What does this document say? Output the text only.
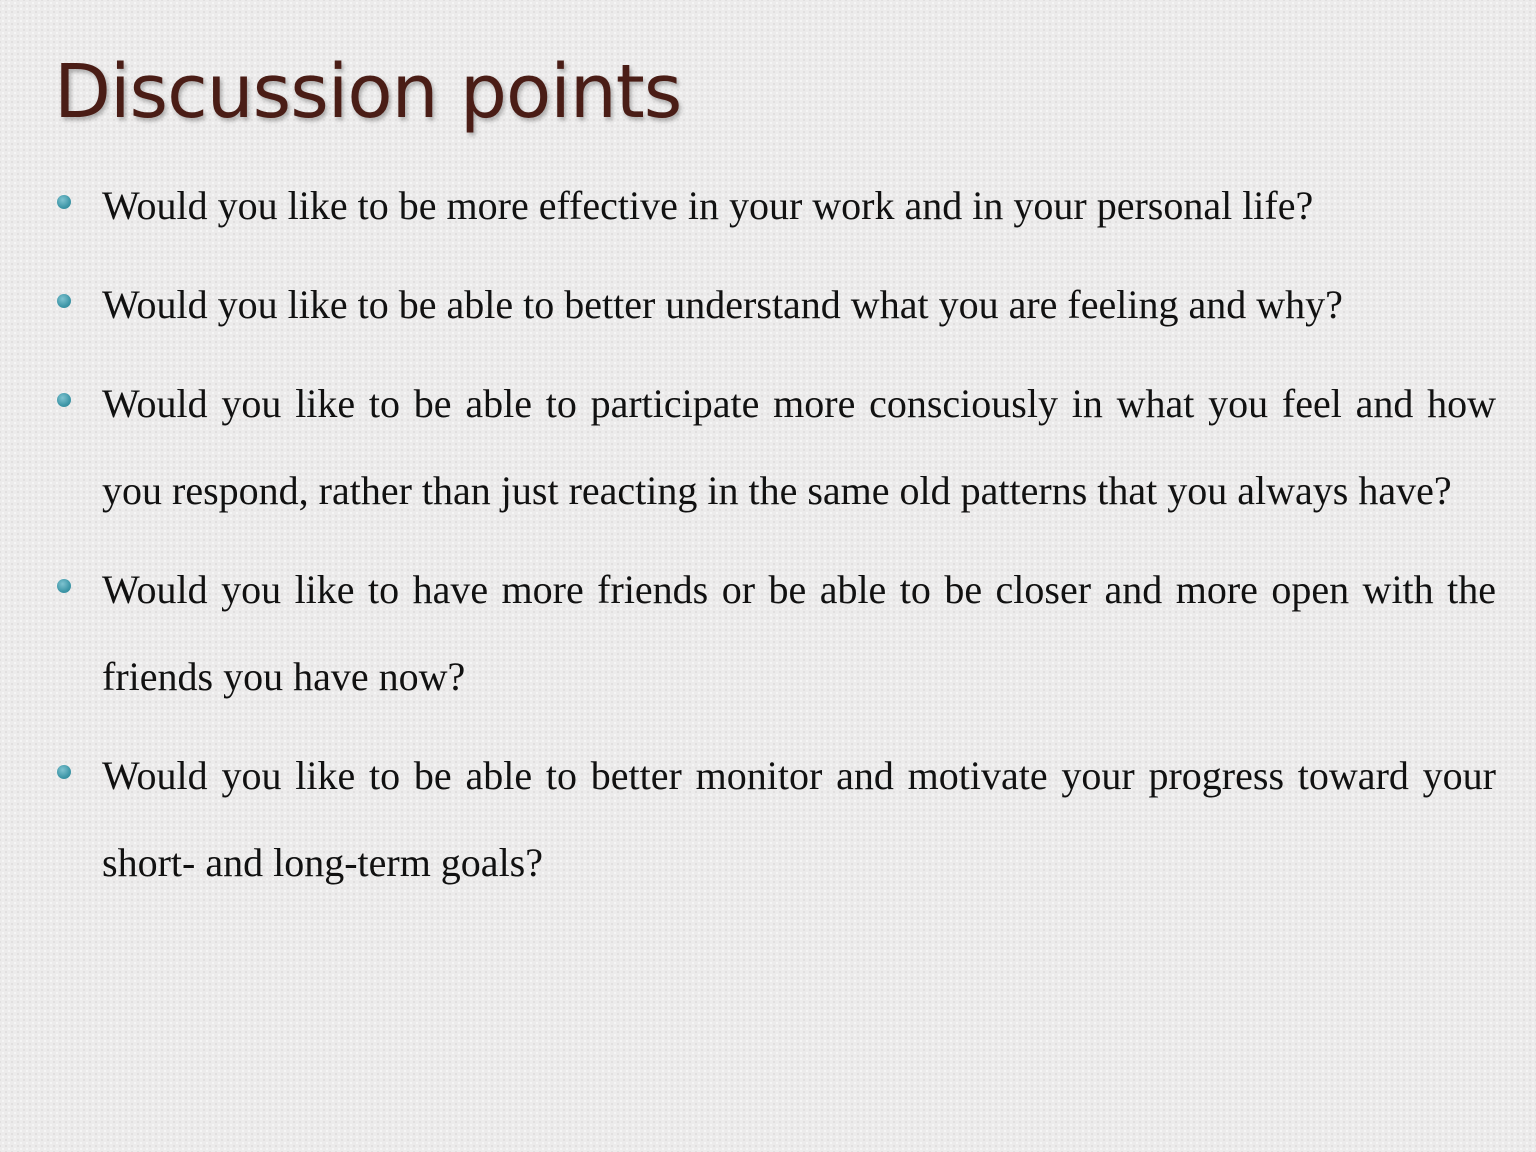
Discussion points
Would you like to be more effective in your work and in your personal life?
Would you like to be able to better understand what you are feeling and why?
Would you like to be able to participate more consciously in what you feel and how you respond, rather than just reacting in the same old patterns that you always have?
Would you like to have more friends or be able to be closer and more open with the friends you have now?
Would you like to be able to better monitor and motivate your progress toward your short- and long-term goals?
